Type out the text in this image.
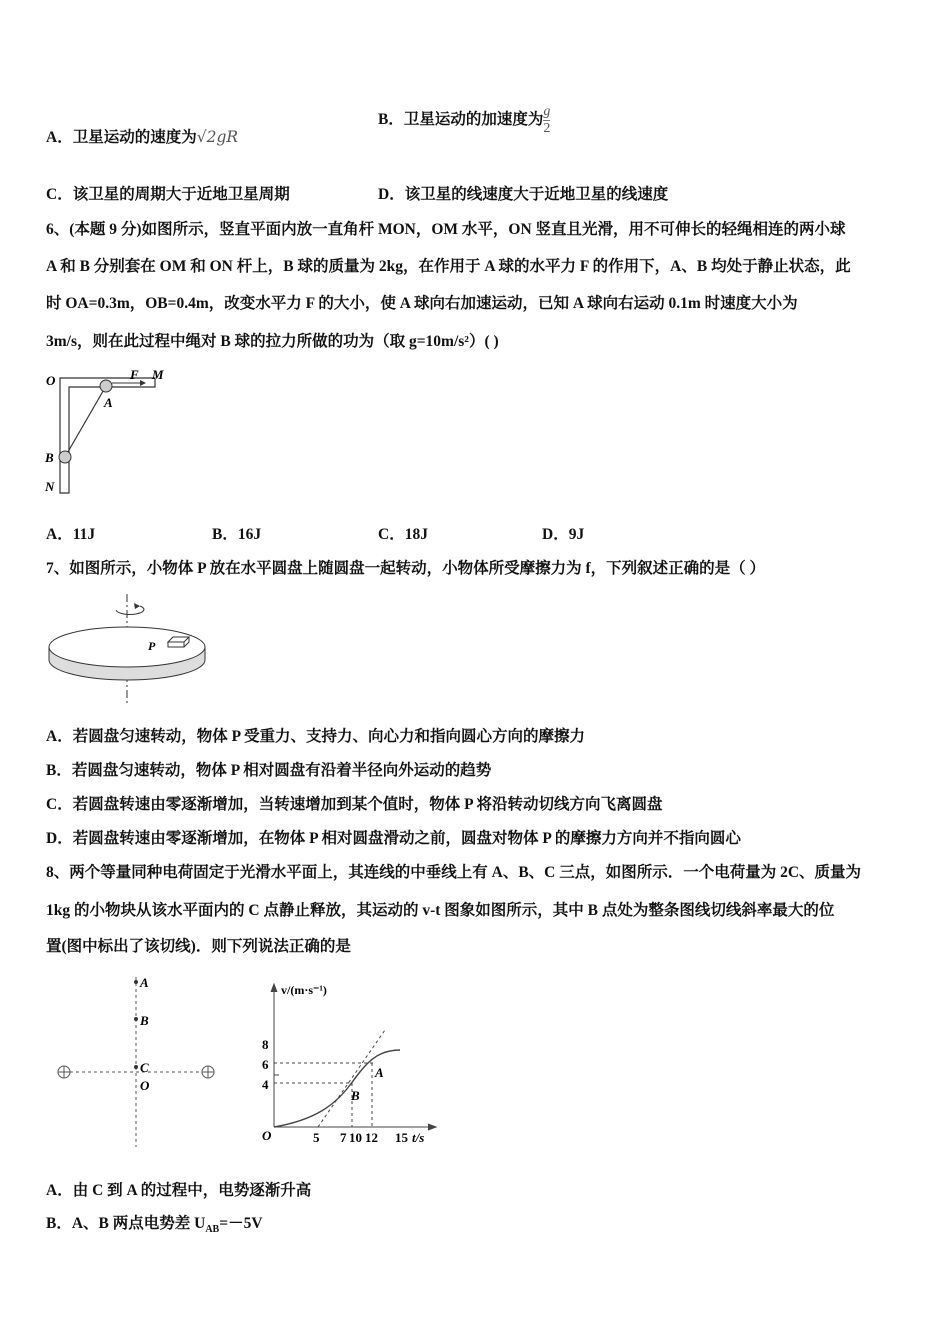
A．卫星运动的速度为√2gR
B．卫星运动的加速度为 $\frac{g}{2}$
C．该卫星的周期大于近地卫星周期	D．该卫星的线速度大于近地卫星的线速度
6、(本题 9 分)如图所示，竖直平面内放一直角杆 MON，OM 水平，ON 竖直且光滑，用不可伸长的轻绳相连的两小球
A 和 B 分别套在 OM 和 ON 杆上，B 球的质量为 2kg，在作用于 A 球的水平力 F 的作用下，A、B 均处于静止状态，此
时 OA=0.3m，OB=0.4m，改变水平力 F 的大小，使 A 球向右加速运动，已知 A 球向右运动 0.1m 时速度大小为
3m/s，则在此过程中绳对 B 球的拉力所做的功为（取 g=10m/s²）( )
O	M
F
A
B
N
A．11J	B．16J	C．18J	D．9J
7、如图所示，小物体 P 放在水平圆盘上随圆盘一起转动，小物体所受摩擦力为 f，下列叙述正确的是（ ）
P
A．若圆盘匀速转动，物体 P 受重力、支持力、向心力和指向圆心方向的摩擦力
B．若圆盘匀速转动，物体 P 相对圆盘有沿着半径向外运动的趋势
C．若圆盘转速由零逐渐增加，当转速增加到某个值时，物体 P 将沿转动切线方向飞离圆盘
D．若圆盘转速由零逐渐增加，在物体 P 相对圆盘滑动之前，圆盘对物体 P 的摩擦力方向并不指向圆心
8、两个等量同种电荷固定于光滑水平面上，其连线的中垂线上有 A、B、C 三点，如图所示．一个电荷量为 2C、质量为
1kg 的小物块从该水平面内的 C 点静止释放，其运动的 v-t 图象如图所示，其中 B 点处为整条图线切线斜率最大的位
置(图中标出了该切线)．则下列说法正确的是
A
B
C
O
v/(m·s⁻¹)
8
6
4
O	5 7 10 12 15 t/s
A
B
A．由 C 到 A 的过程中，电势逐渐升高
B．A、B 两点电势差 $U_{AB}=-5V$
